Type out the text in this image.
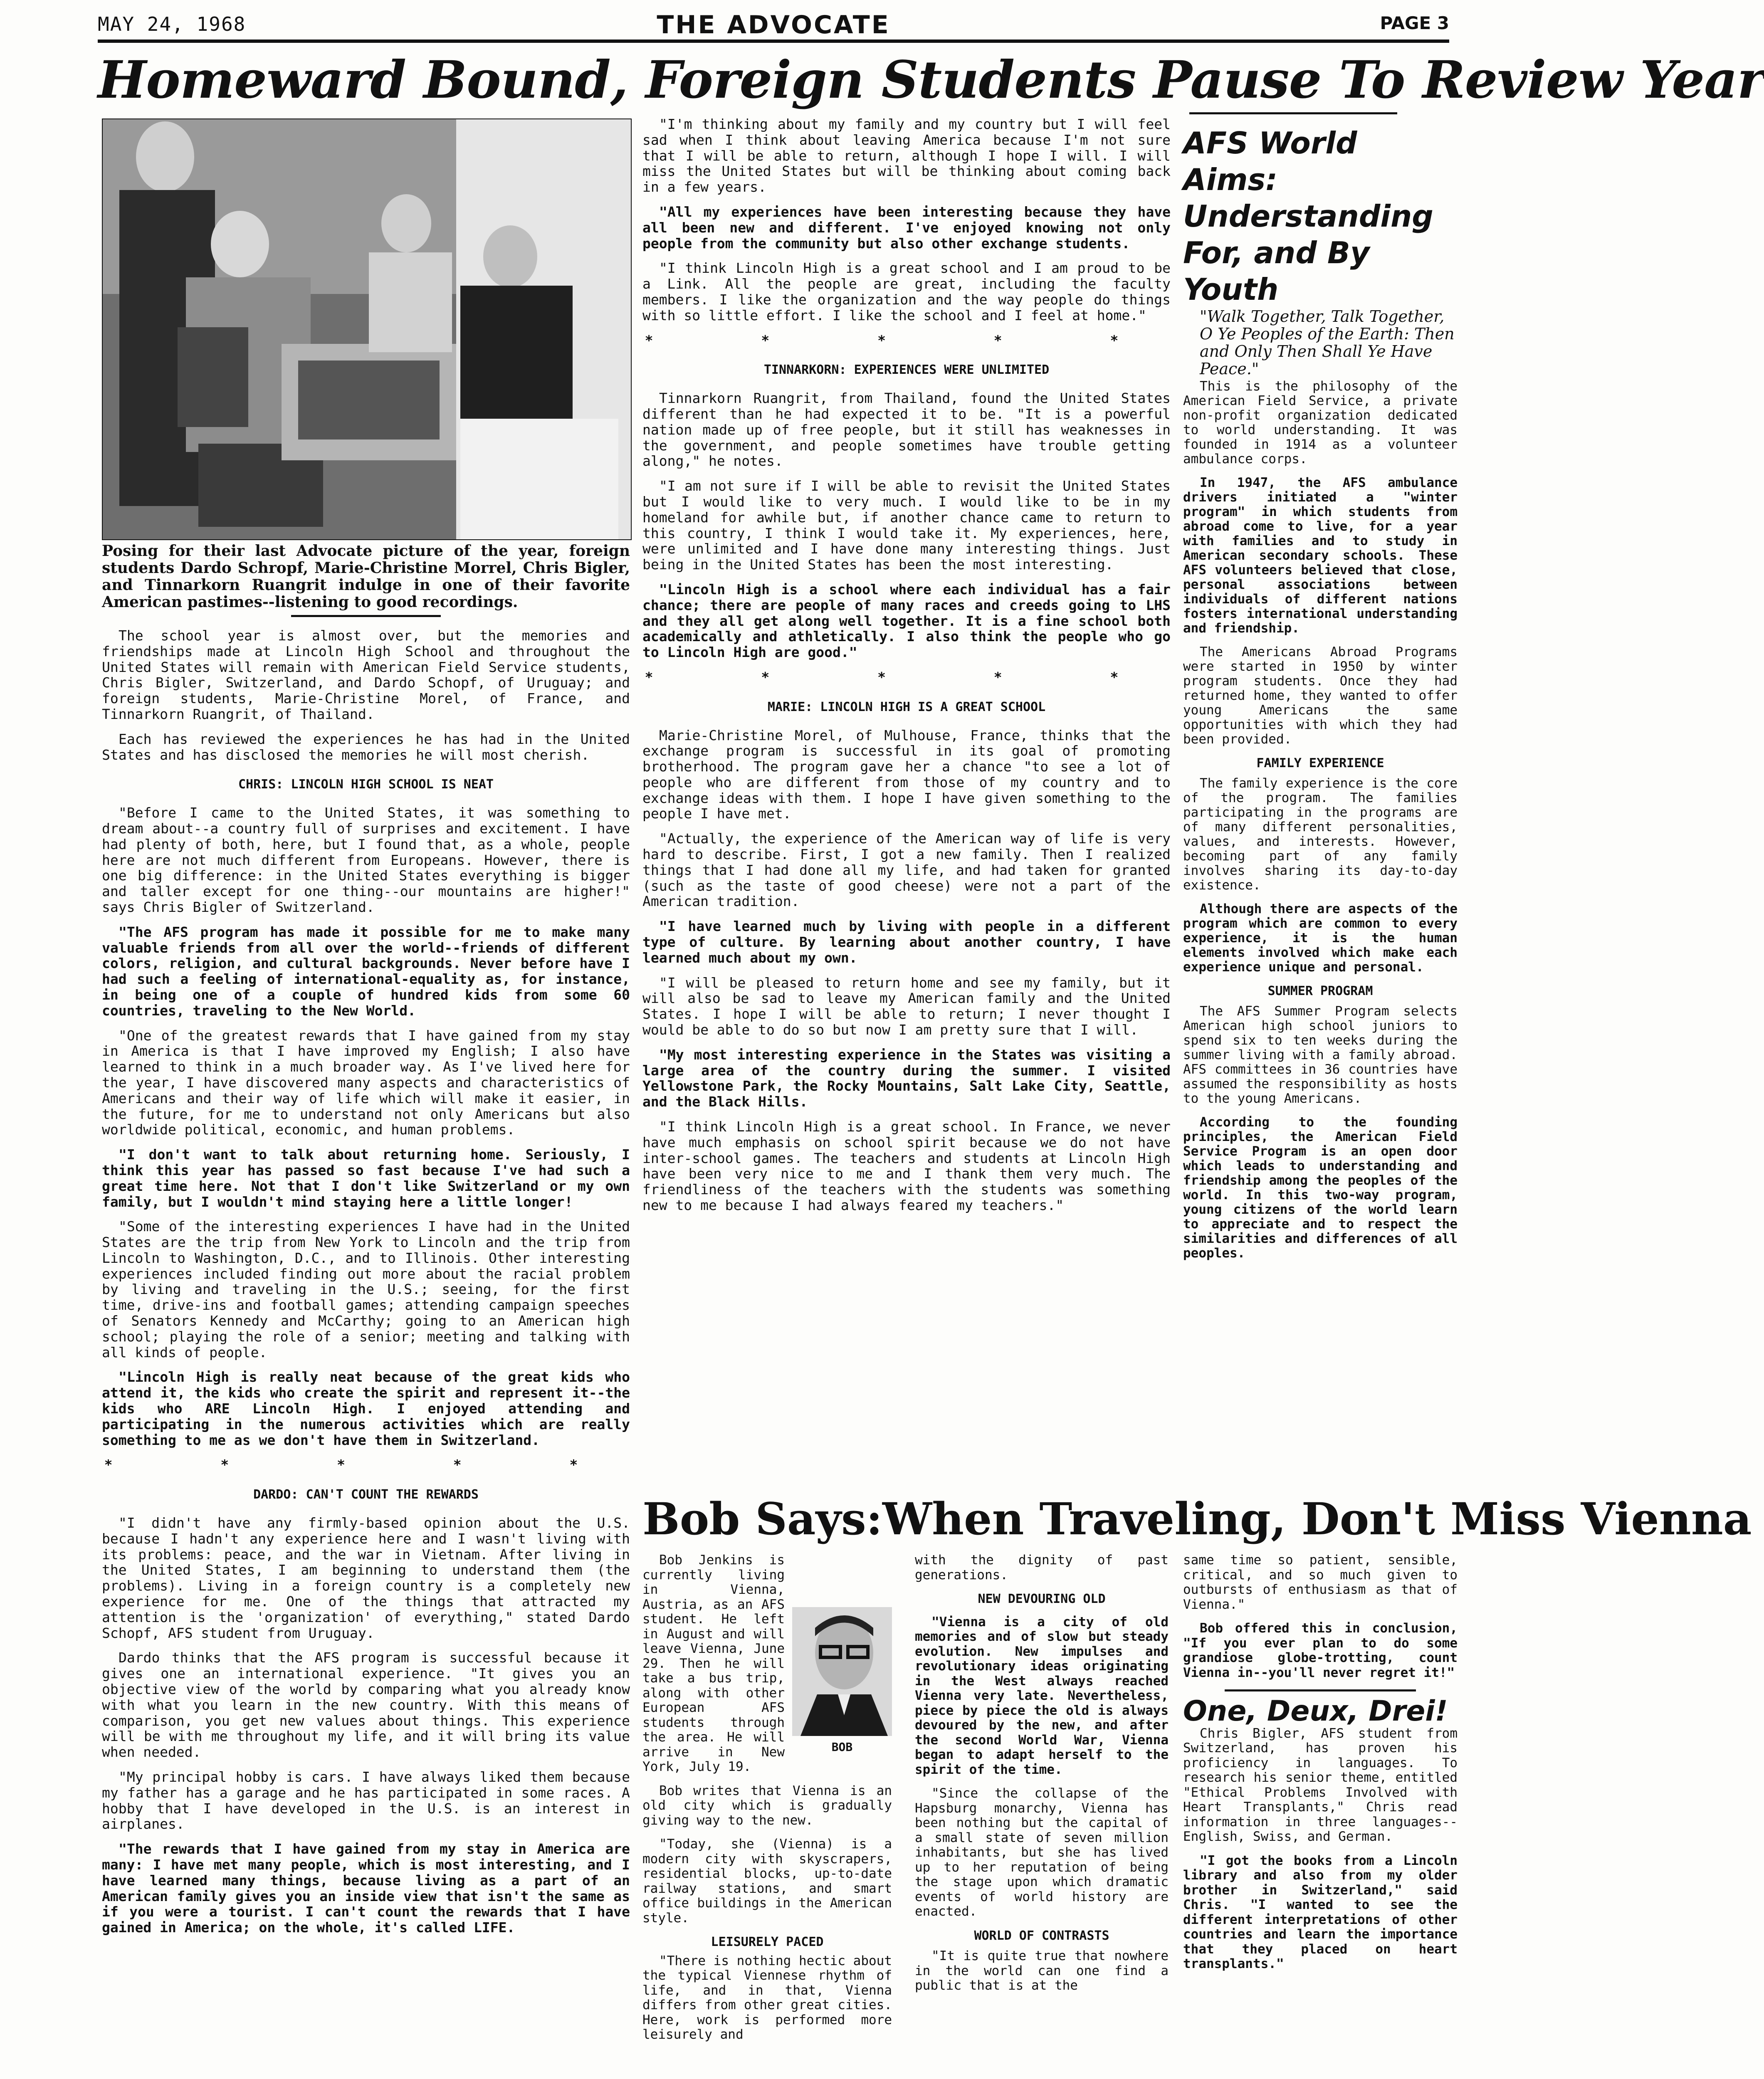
MAY 24, 1968	THE ADVOCATE	PAGE 3
Homeward Bound, Foreign Students Pause To Review Year
Posing for their last Advocate picture of the year, foreign students Dardo Schropf, Marie-Christine Morrel, Chris Bigler, and Tinnarkorn Ruangrit indulge in one of their favorite American pastimes--listening to good recordings.

The school year is almost over, but the memories and friendships made at Lincoln High School and throughout the United States will remain with American Field Service students, Chris Bigler, Switzerland, and Dardo Schopf, of Uruguay; and foreign students, Marie-Christine Morel, of France, and Tinnarkorn Ruangrit, of Thailand.

Each has reviewed the experiences he has had in the United States and has disclosed the memories he will most cherish.

CHRIS: LINCOLN HIGH SCHOOL IS NEAT

"Before I came to the United States, it was something to dream about--a country full of surprises and excitement. I have had plenty of both, here, but I found that, as a whole, people here are not much different from Europeans. However, there is one big difference: in the United States everything is bigger and taller except for one thing--our mountains are higher!" says Chris Bigler of Switzerland.

"The AFS program has made it possible for me to make many valuable friends from all over the world--friends of different colors, religion, and cultural backgrounds. Never before have I had such a feeling of international-equality as, for instance, in being one of a couple of hundred kids from some 60 countries, traveling to the New World.

"One of the greatest rewards that I have gained from my stay in America is that I have improved my English; I also have learned to think in a much broader way. As I've lived here for the year, I have discovered many aspects and characteristics of Americans and their way of life which will make it easier, in the future, for me to understand not only Americans but also worldwide political, economic, and human problems.

"I don't want to talk about returning home. Seriously, I think this year has passed so fast because I've had such a great time here. Not that I don't like Switzerland or my own family, but I wouldn't mind staying here a little longer!

"Some of the interesting experiences I have had in the United States are the trip from New York to Lincoln and the trip from Lincoln to Washington, D.C., and to Illinois. Other interesting experiences included finding out more about the racial problem by living and traveling in the U.S.; seeing, for the first time, drive-ins and football games; attending campaign speeches of Senators Kennedy and McCarthy; going to an American high school; playing the role of a senior; meeting and talking with all kinds of people.

"Lincoln High is really neat because of the great kids who attend it, the kids who create the spirit and represent it--the kids who ARE Lincoln High. I enjoyed attending and participating in the numerous activities which are really something to me as we don't have them in Switzerland.

* * * * *
DARDO: CAN'T COUNT THE REWARDS

"I didn't have any firmly-based opinion about the U.S. because I hadn't any experience here and I wasn't living with its problems: peace, and the war in Vietnam. After living in the United States, I am beginning to understand them (the problems). Living in a foreign country is a completely new experience for me. One of the things that attracted my attention is the 'organization' of everything," stated Dardo Schopf, AFS student from Uruguay.

Dardo thinks that the AFS program is successful because it gives one an international experience. "It gives you an objective view of the world by comparing what you already know with what you learn in the new country. With this means of comparison, you get new values about things. This experience will be with me throughout my life, and it will bring its value when needed.

"My principal hobby is cars. I have always liked them because my father has a garage and he has participated in some races. A hobby that I have developed in the U.S. is an interest in airplanes.

"The rewards that I have gained from my stay in America are many: I have met many people, which is most interesting, and I have learned many things, because living as a part of an American family gives you an inside view that isn't the same as if you were a tourist. I can't count the rewards that I have gained in America; on the whole, it's called LIFE.

"I'm thinking about my family and my country but I will feel sad when I think about leaving America because I'm not sure that I will be able to return, although I hope I will. I will miss the United States but will be thinking about coming back in a few years.

"All my experiences have been interesting because they have all been new and different. I've enjoyed knowing not only people from the community but also other exchange students.

"I think Lincoln High is a great school and I am proud to be a Link. All the people are great, including the faculty members. I like the organization and the way people do things with so little effort. I like the school and I feel at home."

* * * * *
TINNARKORN: EXPERIENCES WERE UNLIMITED

Tinnarkorn Ruangrit, from Thailand, found the United States different than he had expected it to be. "It is a powerful nation made up of free people, but it still has weaknesses in the government, and people sometimes have trouble getting along," he notes.

"I am not sure if I will be able to revisit the United States but I would like to very much. I would like to be in my homeland for awhile but, if another chance came to return to this country, I think I would take it. My experiences, here, were unlimited and I have done many interesting things. Just being in the United States has been the most interesting.

"Lincoln High is a school where each individual has a fair chance; there are people of many races and creeds going to LHS and they all get along well together. It is a fine school both academically and athletically. I also think the people who go to Lincoln High are good."

* * * * *
MARIE: LINCOLN HIGH IS A GREAT SCHOOL

Marie-Christine Morel, of Mulhouse, France, thinks that the exchange program is successful in its goal of promoting brotherhood. The program gave her a chance "to see a lot of people who are different from those of my country and to exchange ideas with them. I hope I have given something to the people I have met.

"Actually, the experience of the American way of life is very hard to describe. First, I got a new family. Then I realized things that I had done all my life, and had taken for granted (such as the taste of good cheese) were not a part of the American tradition.

"I have learned much by living with people in a different type of culture. By learning about another country, I have learned much about my own.

"I will be pleased to return home and see my family, but it will also be sad to leave my American family and the United States. I hope I will be able to return; I never thought I would be able to do so but now I am pretty sure that I will.

"My most interesting experience in the States was visiting a large area of the country during the summer. I visited Yellowstone Park, the Rocky Mountains, Salt Lake City, Seattle, and the Black Hills.

"I think Lincoln High is a great school. In France, we never have much emphasis on school spirit because we do not have inter-school games. The teachers and students at Lincoln High have been very nice to me and I thank them very much. The friendliness of the teachers with the students was something new to me because I had always feared my teachers."

AFS World Aims: Understanding For, and By Youth
"Walk Together, Talk Together, O Ye Peoples of the Earth: Then and Only Then Shall Ye Have Peace."

This is the philosophy of the American Field Service, a private non-profit organization dedicated to world understanding. It was founded in 1914 as a volunteer ambulance corps.

In 1947, the AFS ambulance drivers initiated a "winter program" in which students from abroad come to live, for a year with families and to study in American secondary schools. These AFS volunteers believed that close, personal associations between individuals of different nations fosters international understanding and friendship.

The Americans Abroad Programs were started in 1950 by winter program students. Once they had returned home, they wanted to offer young Americans the same opportunities with which they had been provided.

FAMILY EXPERIENCE

The family experience is the core of the program. The families participating in the programs are of many different personalities, values, and interests. However, becoming part of any family involves sharing its day-to-day existence.

Although there are aspects of the program which are common to every experience, it is the human elements involved which make each experience unique and personal.

SUMMER PROGRAM

The AFS Summer Program selects American high school juniors to spend six to ten weeks during the summer living with a family abroad. AFS committees in 36 countries have assumed the responsibility as hosts to the young Americans.

According to the founding principles, the American Field Service Program is an open door which leads to understanding and friendship among the peoples of the world. In this two-way program, young citizens of the world learn to appreciate and to respect the similarities and differences of all peoples.

Bob Says:When Traveling, Don't Miss Vienna
BOB

Bob Jenkins is currently living in Vienna, Austria, as an AFS student. He left in August and will leave Vienna, June 29. Then he will take a bus trip, along with other European AFS students through the area. He will arrive in New York, July 19.

Bob writes that Vienna is an old city which is gradually giving way to the new.

"Today, she (Vienna) is a modern city with skyscrapers, residential blocks, up-to-date railway stations, and smart office buildings in the American style.

LEISURELY PACED

"There is nothing hectic about the typical Viennese rhythm of life, and in that, Vienna differs from other great cities. Here, work is performed more leisurely and

with the dignity of past generations.

NEW DEVOURING OLD

"Vienna is a city of old memories and of slow but steady evolution. New impulses and revolutionary ideas originating in the West always reached Vienna very late. Nevertheless, piece by piece the old is always devoured by the new, and after the second World War, Vienna began to adapt herself to the spirit of the time.

"Since the collapse of the Hapsburg monarchy, Vienna has been nothing but the capital of a small state of seven million inhabitants, but she has lived up to her reputation of being the stage upon which dramatic events of world history are enacted.

WORLD OF CONTRASTS

"It is quite true that nowhere in the world can one find a public that is at the

same time so patient, sensible, critical, and so much given to outbursts of enthusiasm as that of Vienna."

Bob offered this in conclusion, "If you ever plan to do some grandiose globe-trotting, count Vienna in--you'll never regret it!"

One, Deux, Drei!

Chris Bigler, AFS student from Switzerland, has proven his proficiency in languages. To research his senior theme, entitled "Ethical Problems Involved with Heart Transplants," Chris read information in three languages--English, Swiss, and German.

"I got the books from a Lincoln library and also from my older brother in Switzerland," said Chris. "I wanted to see the different interpretations of other countries and learn the importance that they placed on heart transplants."
